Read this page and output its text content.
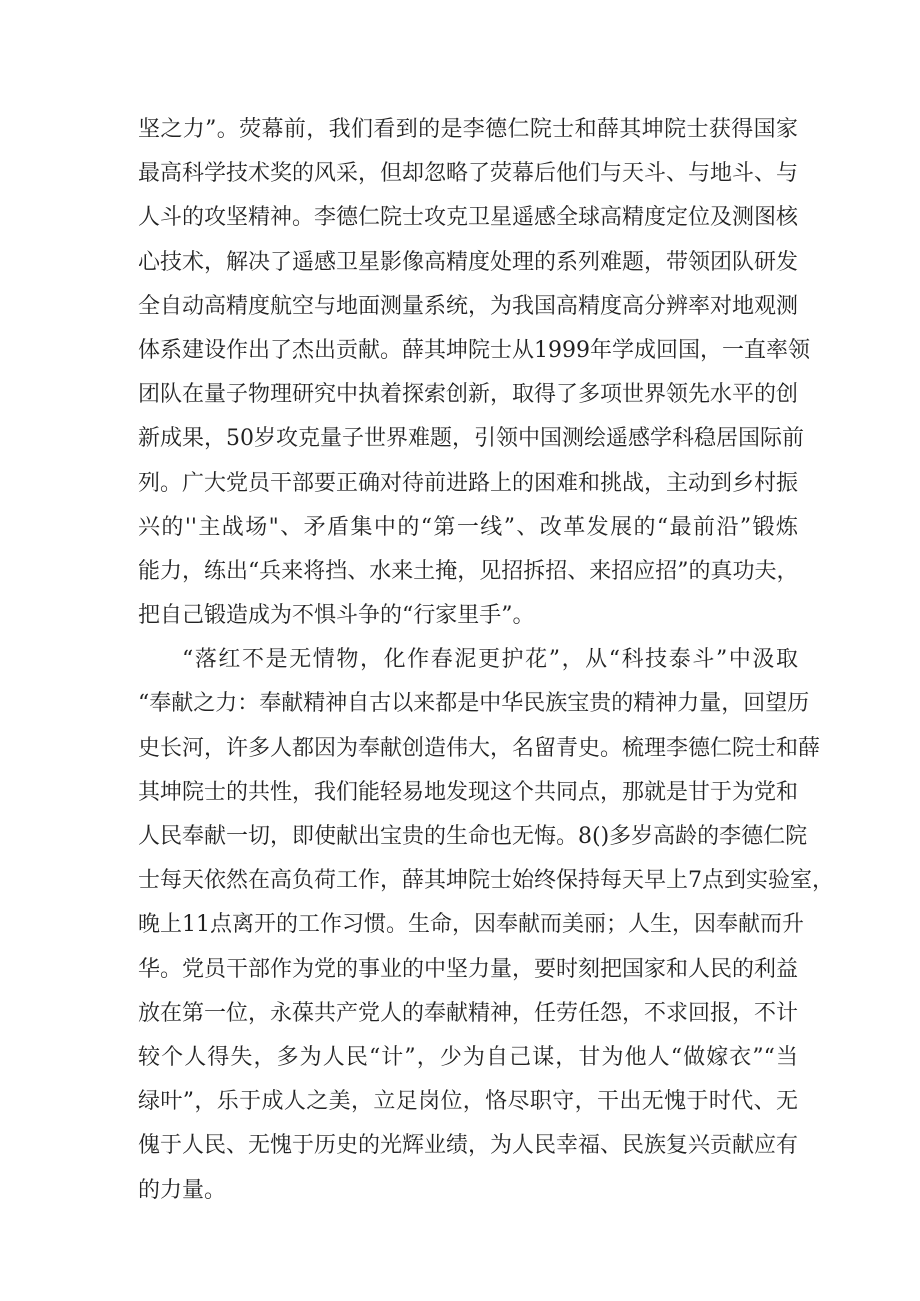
坚之力”。荧幕前，我们看到的是李德仁院士和薛其坤院士获得国家
最高科学技术奖的风采，但却忽略了荧幕后他们与天斗、与地斗、与
人斗的攻坚精神。李德仁院士攻克卫星遥感全球高精度定位及测图核
心技术，解决了遥感卫星影像高精度处理的系列难题，带领团队研发
全自动高精度航空与地面测量系统，为我国高精度高分辨率对地观测
体系建设作出了杰出贡献。薛其坤院士从1999年学成回国，一直率领
团队在量子物理研究中执着探索创新，取得了多项世界领先水平的创
新成果，50岁攻克量子世界难题，引领中国测绘遥感学科稳居国际前
列。广大党员干部要正确对待前进路上的困难和挑战，主动到乡村振
兴的''主战场"、矛盾集中的“第一线”、改革发展的“最前沿”锻炼
能力，练出“兵来将挡、水来土掩，见招拆招、来招应招”的真功夫，
把自己锻造成为不惧斗争的“行家里手”。
“落红不是无情物，化作春泥更护花”，从“科技泰斗”中汲取
“奉献之力：奉献精神自古以来都是中华民族宝贵的精神力量，回望历
史长河，许多人都因为奉献创造伟大，名留青史。梳理李德仁院士和薛
其坤院士的共性，我们能轻易地发现这个共同点，那就是甘于为党和
人民奉献一切，即使献出宝贵的生命也无悔。8()多岁高龄的李德仁院
士每天依然在高负荷工作，薛其坤院士始终保持每天早上7点到实验室，
晚上11点离开的工作习惯。生命，因奉献而美丽；人生，因奉献而升
华。党员干部作为党的事业的中坚力量，要时刻把国家和人民的利益
放在第一位，永葆共产党人的奉献精神，任劳任怨，不求回报，不计
较个人得失，多为人民“计”，少为自己谋，甘为他人“做嫁衣”“当
绿叶”，乐于成人之美，立足岗位，恪尽职守，干出无愧于时代、无
傀于人民、无愧于历史的光辉业绩，为人民幸福、民族复兴贡献应有
的力量。
